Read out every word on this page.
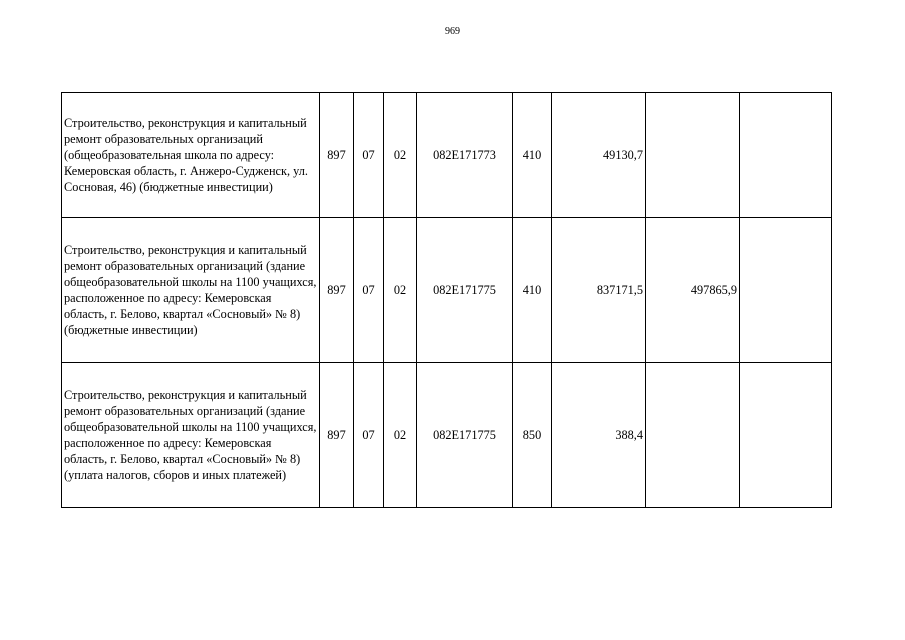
969
Строительство, реконструкция и капитальный ремонт образовательных организаций (общеобразовательная школа по адресу: Кемеровская область, г. Анжеро-Судженск, ул. Сосновая, 46) (бюджетные инвестиции)	897	07	02	082E171773	410	49130,7		
Строительство, реконструкция и капитальный ремонт образовательных организаций (здание общеобразовательной школы на 1100 учащихся, расположенное по адресу: Кемеровская область, г. Белово, квартал «Сосновый» № 8) (бюджетные инвестиции)	897	07	02	082E171775	410	837171,5	497865,9	
Строительство, реконструкция и капитальный ремонт образовательных организаций (здание общеобразовательной школы на 1100 учащихся, расположенное по адресу: Кемеровская область, г. Белово, квартал «Сосновый» № 8) (уплата налогов, сборов и иных платежей)	897	07	02	082E171775	850	388,4		
